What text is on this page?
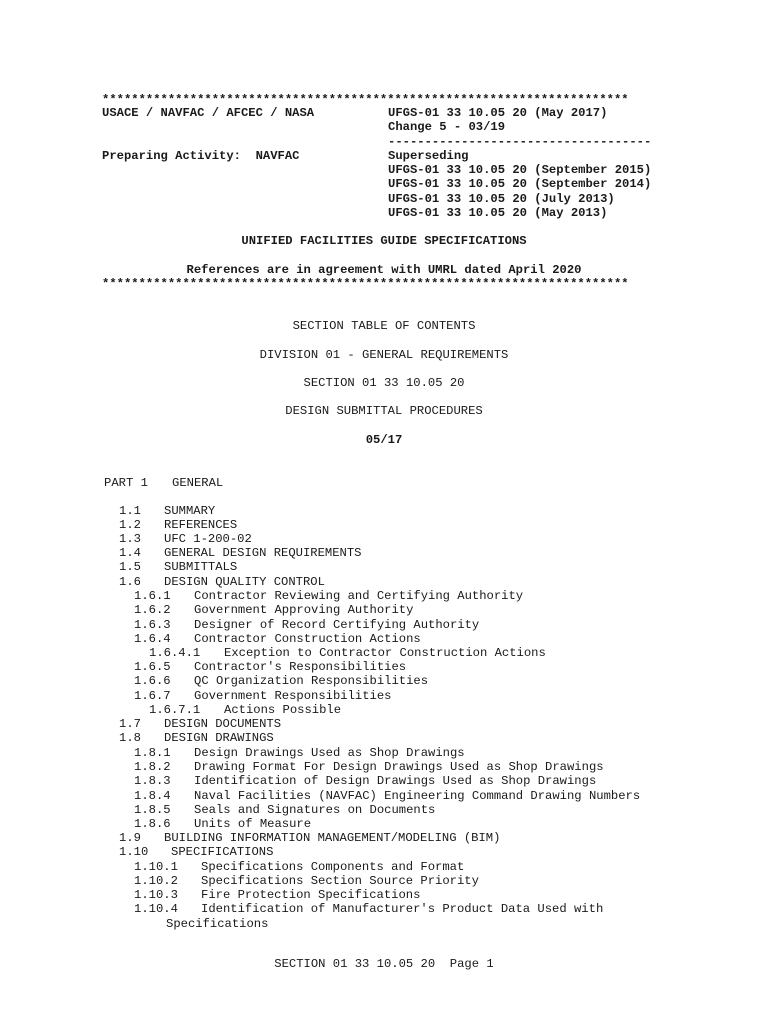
************************************************************************
USACE / NAVFAC / AFCEC / NASA	UFGS-01 33 10.05 20 (May 2017)
Change 5 - 03/19
------------------------------------
Preparing Activity:  NAVFAC	Superseding
UFGS-01 33 10.05 20 (September 2015)
UFGS-01 33 10.05 20 (September 2014)
UFGS-01 33 10.05 20 (July 2013)
UFGS-01 33 10.05 20 (May 2013)
UNIFIED FACILITIES GUIDE SPECIFICATIONS
References are in agreement with UMRL dated April 2020
************************************************************************
SECTION TABLE OF CONTENTS
DIVISION 01 - GENERAL REQUIREMENTS
SECTION 01 33 10.05 20
DESIGN SUBMITTAL PROCEDURES
05/17
PART 1 GENERAL
1.1 SUMMARY
1.2 REFERENCES
1.3 UFC 1-200-02
1.4 GENERAL DESIGN REQUIREMENTS
1.5 SUBMITTALS
1.6 DESIGN QUALITY CONTROL
1.6.1 Contractor Reviewing and Certifying Authority
1.6.2 Government Approving Authority
1.6.3 Designer of Record Certifying Authority
1.6.4 Contractor Construction Actions
1.6.4.1 Exception to Contractor Construction Actions
1.6.5 Contractor's Responsibilities
1.6.6 QC Organization Responsibilities
1.6.7 Government Responsibilities
1.6.7.1 Actions Possible
1.7 DESIGN DOCUMENTS
1.8 DESIGN DRAWINGS
1.8.1 Design Drawings Used as Shop Drawings
1.8.2 Drawing Format For Design Drawings Used as Shop Drawings
1.8.3 Identification of Design Drawings Used as Shop Drawings
1.8.4 Naval Facilities (NAVFAC) Engineering Command Drawing Numbers
1.8.5 Seals and Signatures on Documents
1.8.6 Units of Measure
1.9 BUILDING INFORMATION MANAGEMENT/MODELING (BIM)
1.10 SPECIFICATIONS
1.10.1 Specifications Components and Format
1.10.2 Specifications Section Source Priority
1.10.3 Fire Protection Specifications
1.10.4 Identification of Manufacturer's Product Data Used with
Specifications
SECTION 01 33 10.05 20  Page 1
